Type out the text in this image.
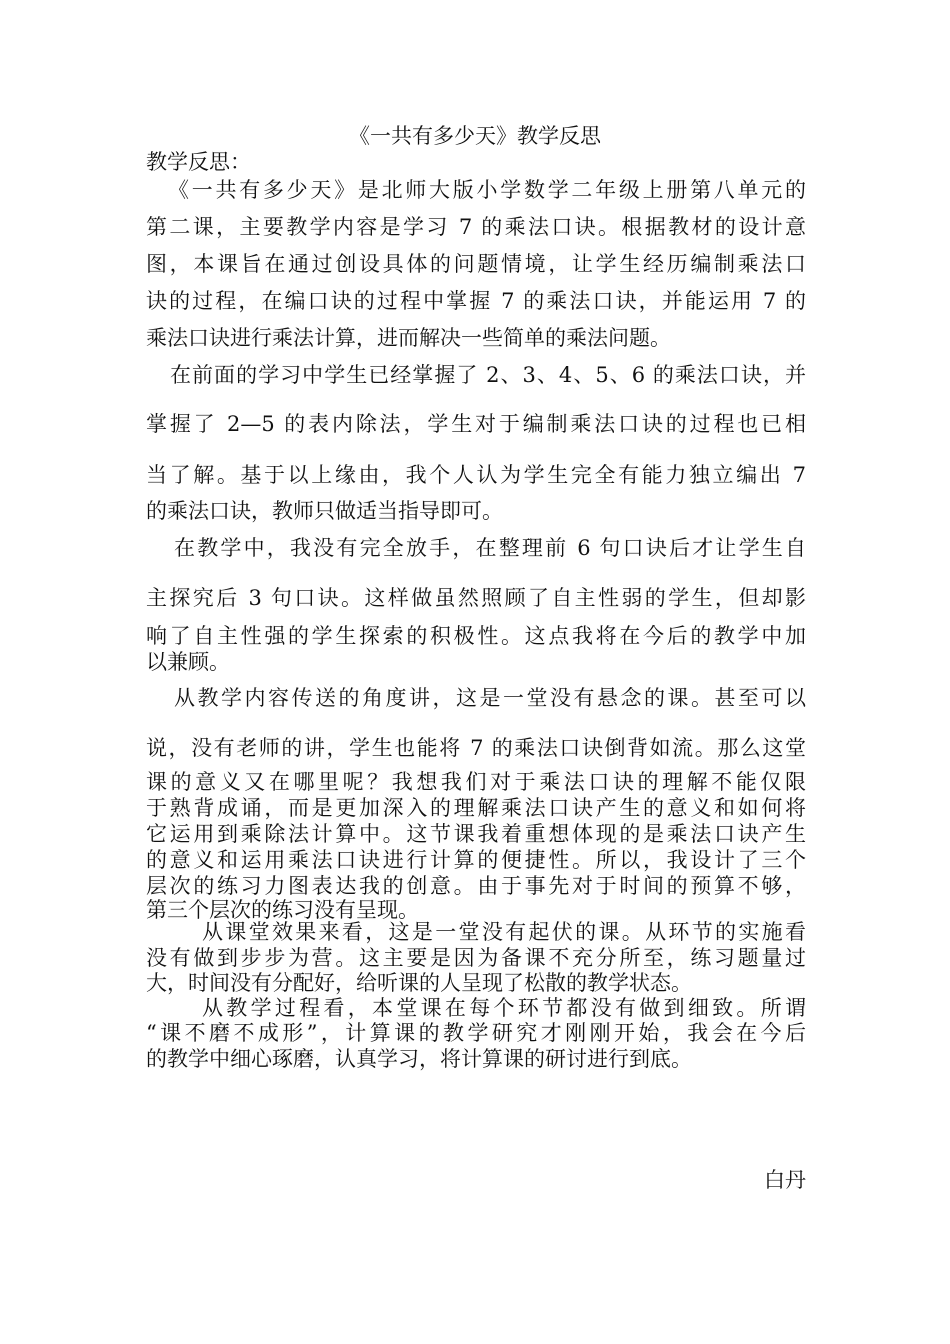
《一共有多少天》教学反思
教学反思：
《一共有多少天》是北师大版小学数学二年级上册第八单元的
第二课，主要教学内容是学习 7 的乘法口诀。根据教材的设计意
图，本课旨在通过创设具体的问题情境，让学生经历编制乘法口
诀的过程，在编口诀的过程中掌握 7 的乘法口诀，并能运用 7 的
乘法口诀进行乘法计算，进而解决一些简单的乘法问题。
在前面的学习中学生已经掌握了 2、3、4、5、6 的乘法口诀，并
掌握了 2—5 的表内除法，学生对于编制乘法口诀的过程也已相
当了解。基于以上缘由，我个人认为学生完全有能力独立编出 7
的乘法口诀，教师只做适当指导即可。
在教学中，我没有完全放手，在整理前 6 句口诀后才让学生自
主探究后 3 句口诀。这样做虽然照顾了自主性弱的学生，但却影
响了自主性强的学生探索的积极性。这点我将在今后的教学中加
以兼顾。
从教学内容传送的角度讲，这是一堂没有悬念的课。甚至可以
说，没有老师的讲，学生也能将 7 的乘法口诀倒背如流。那么这堂
课的意义又在哪里呢？我想我们对于乘法口诀的理解不能仅限
于熟背成诵，而是更加深入的理解乘法口诀产生的意义和如何将
它运用到乘除法计算中。这节课我着重想体现的是乘法口诀产生
的意义和运用乘法口诀进行计算的便捷性。所以，我设计了三个
层次的练习力图表达我的创意。由于事先对于时间的预算不够，
第三个层次的练习没有呈现。
从课堂效果来看，这是一堂没有起伏的课。从环节的实施看
没有做到步步为营。这主要是因为备课不充分所至，练习题量过
大，时间没有分配好，给听课的人呈现了松散的教学状态。
从教学过程看，本堂课在每个环节都没有做到细致。所谓
“课不磨不成形”，计算课的教学研究才刚刚开始，我会在今后
的教学中细心琢磨，认真学习，将计算课的研讨进行到底。
白丹
